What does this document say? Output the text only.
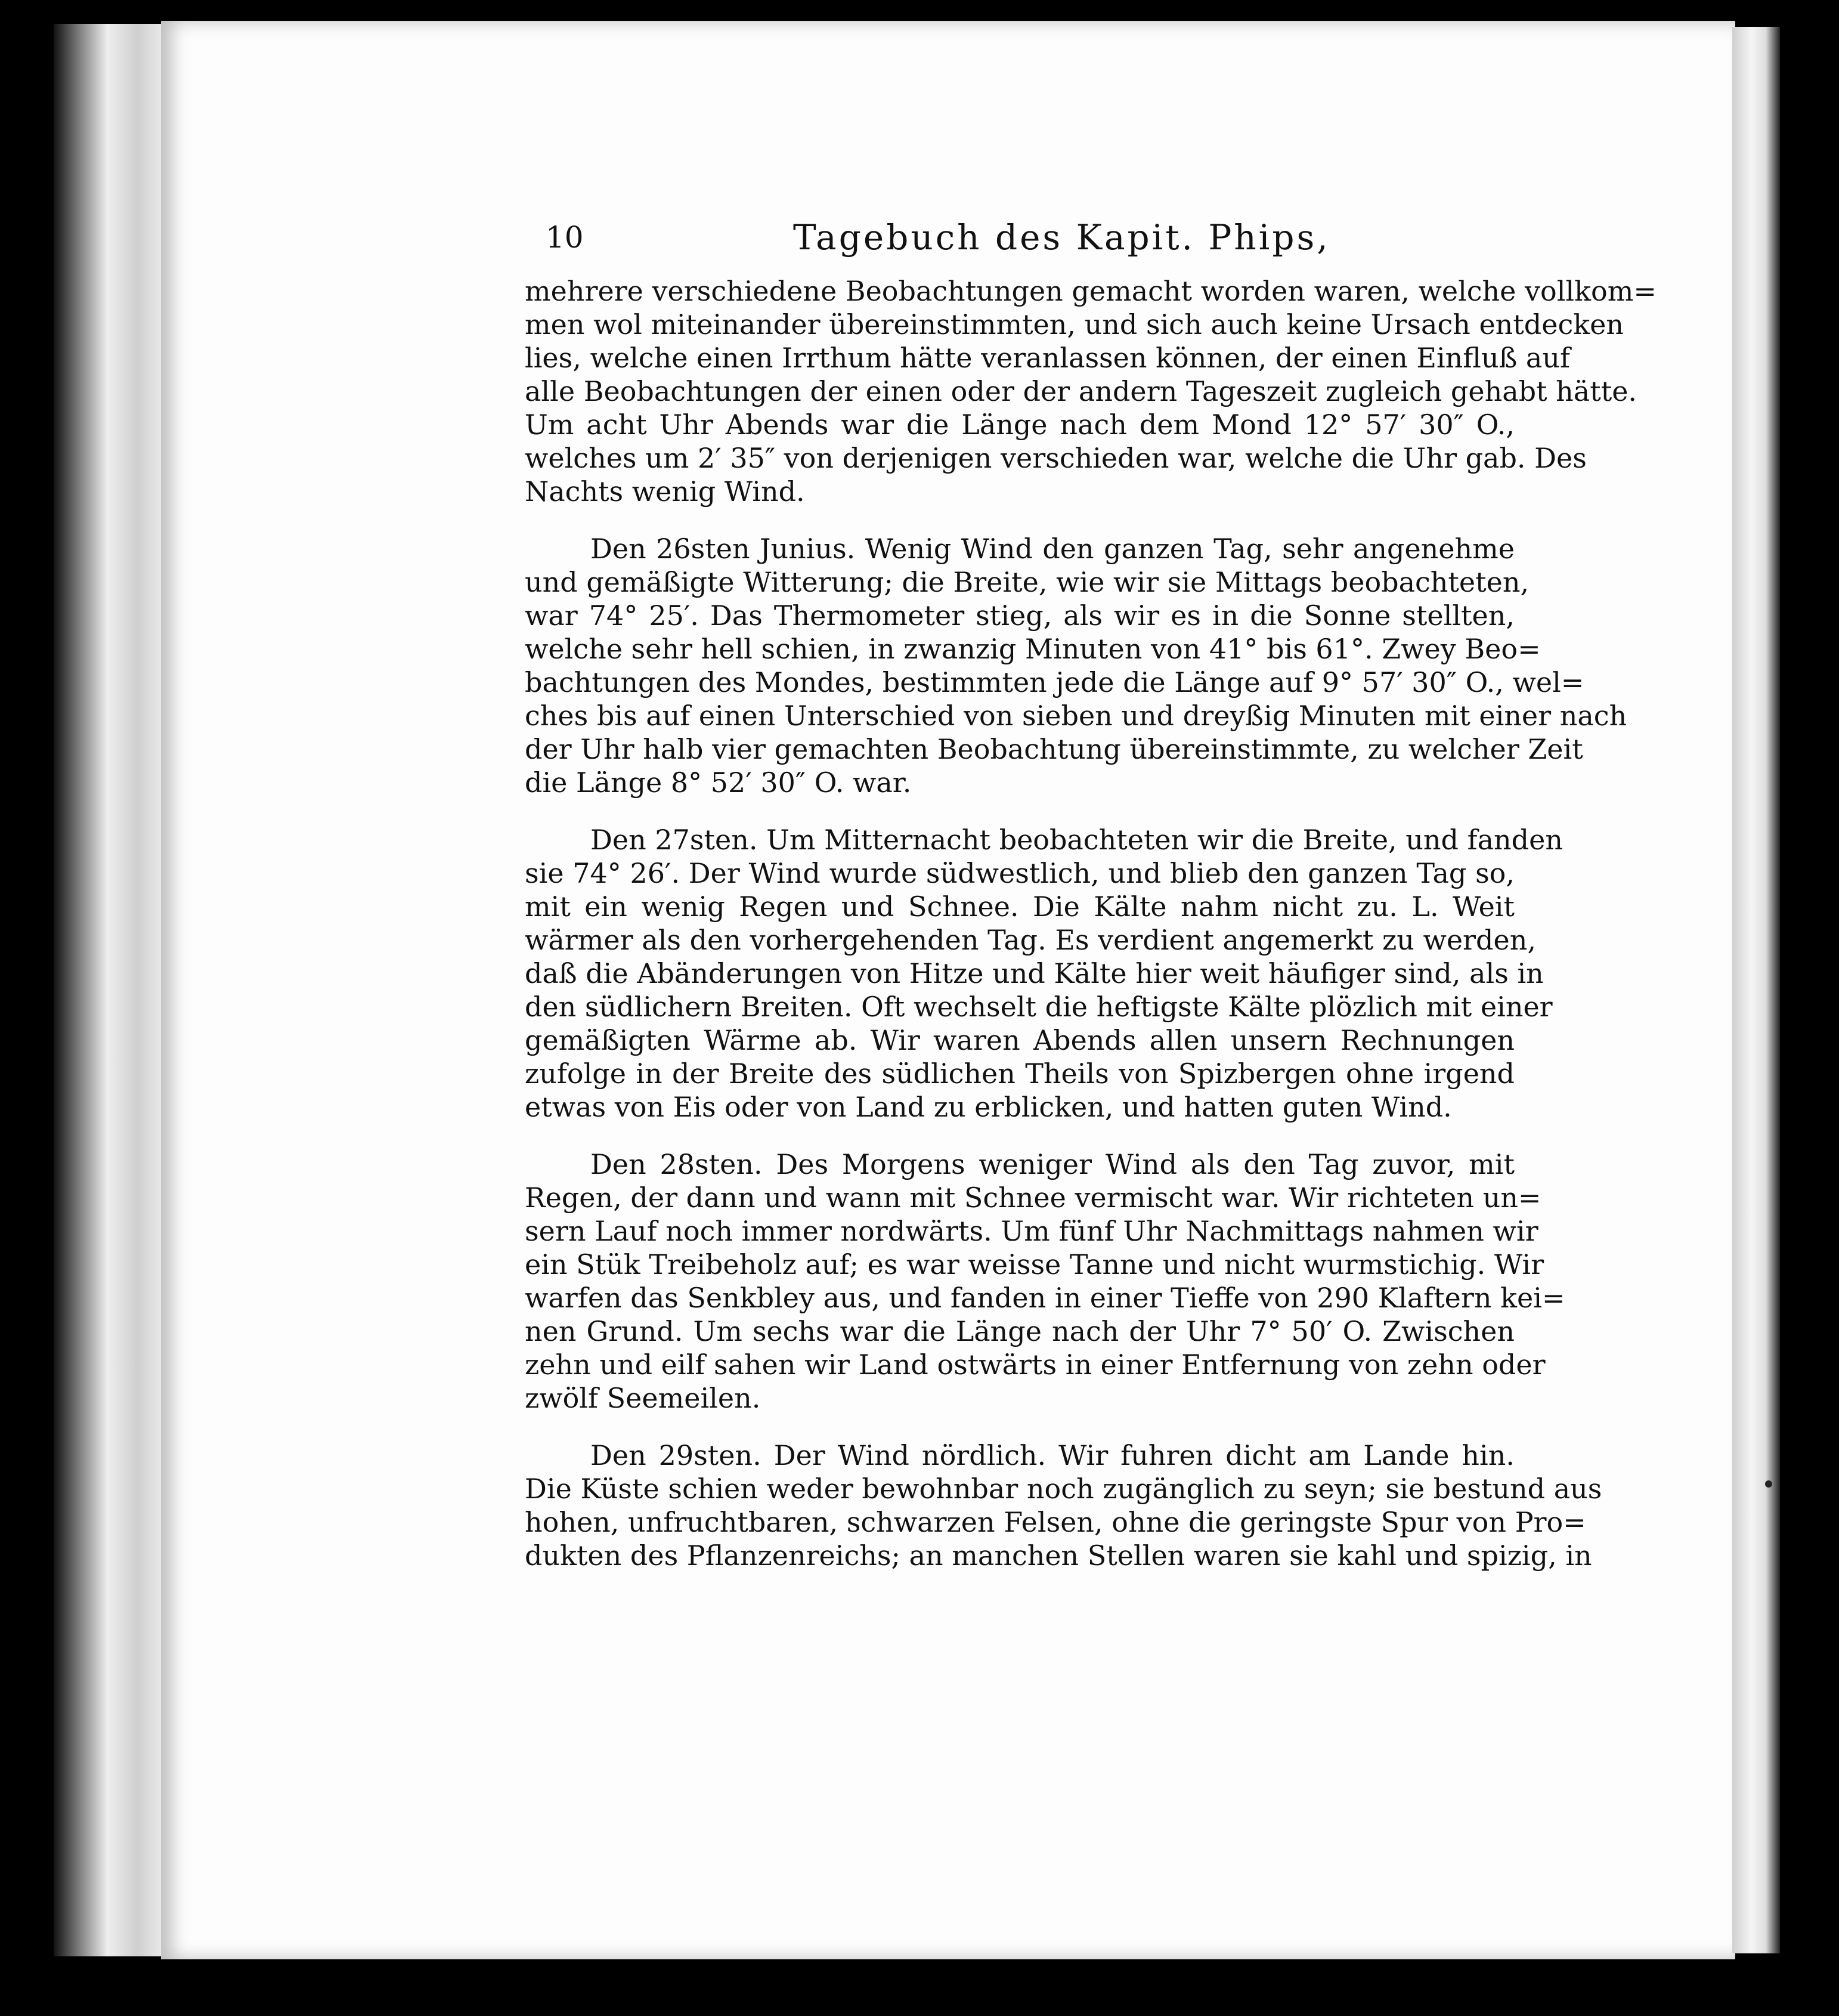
10	Tagebuch des Kapit. Phips,
mehrere verschiedene Beobachtungen gemacht worden waren, welche vollkom=
men wol miteinander übereinstimmten, und sich auch keine Ursach entdecken
lies, welche einen Irrthum hätte veranlassen können, der einen Einfluß auf
alle Beobachtungen der einen oder der andern Tageszeit zugleich gehabt hätte.
Um acht Uhr Abends war die Länge nach dem Mond 12° 57′ 30″ O.,
welches um 2′ 35″ von derjenigen verschieden war, welche die Uhr gab. Des
Nachts wenig Wind.
Den 26sten Junius. Wenig Wind den ganzen Tag, sehr angenehme
und gemäßigte Witterung; die Breite, wie wir sie Mittags beobachteten,
war 74° 25′. Das Thermometer stieg, als wir es in die Sonne stellten,
welche sehr hell schien, in zwanzig Minuten von 41° bis 61°. Zwey Beo=
bachtungen des Mondes, bestimmten jede die Länge auf 9° 57′ 30″ O., wel=
ches bis auf einen Unterschied von sieben und dreyßig Minuten mit einer nach
der Uhr halb vier gemachten Beobachtung übereinstimmte, zu welcher Zeit
die Länge 8° 52′ 30″ O. war.
Den 27sten. Um Mitternacht beobachteten wir die Breite, und fanden
sie 74° 26′. Der Wind wurde südwestlich, und blieb den ganzen Tag so,
mit ein wenig Regen und Schnee. Die Kälte nahm nicht zu. L. Weit
wärmer als den vorhergehenden Tag. Es verdient angemerkt zu werden,
daß die Abänderungen von Hitze und Kälte hier weit häufiger sind, als in
den südlichern Breiten. Oft wechselt die heftigste Kälte plözlich mit einer
gemäßigten Wärme ab. Wir waren Abends allen unsern Rechnungen
zufolge in der Breite des südlichen Theils von Spizbergen ohne irgend
etwas von Eis oder von Land zu erblicken, und hatten guten Wind.
Den 28sten. Des Morgens weniger Wind als den Tag zuvor, mit
Regen, der dann und wann mit Schnee vermischt war. Wir richteten un=
sern Lauf noch immer nordwärts. Um fünf Uhr Nachmittags nahmen wir
ein Stük Treibeholz auf; es war weisse Tanne und nicht wurmstichig. Wir
warfen das Senkbley aus, und fanden in einer Tieffe von 290 Klaftern kei=
nen Grund. Um sechs war die Länge nach der Uhr 7° 50′ O. Zwischen
zehn und eilf sahen wir Land ostwärts in einer Entfernung von zehn oder
zwölf Seemeilen.
Den 29sten. Der Wind nördlich. Wir fuhren dicht am Lande hin.
Die Küste schien weder bewohnbar noch zugänglich zu seyn; sie bestund aus
hohen, unfruchtbaren, schwarzen Felsen, ohne die geringste Spur von Pro=
dukten des Pflanzenreichs; an manchen Stellen waren sie kahl und spizig, in
